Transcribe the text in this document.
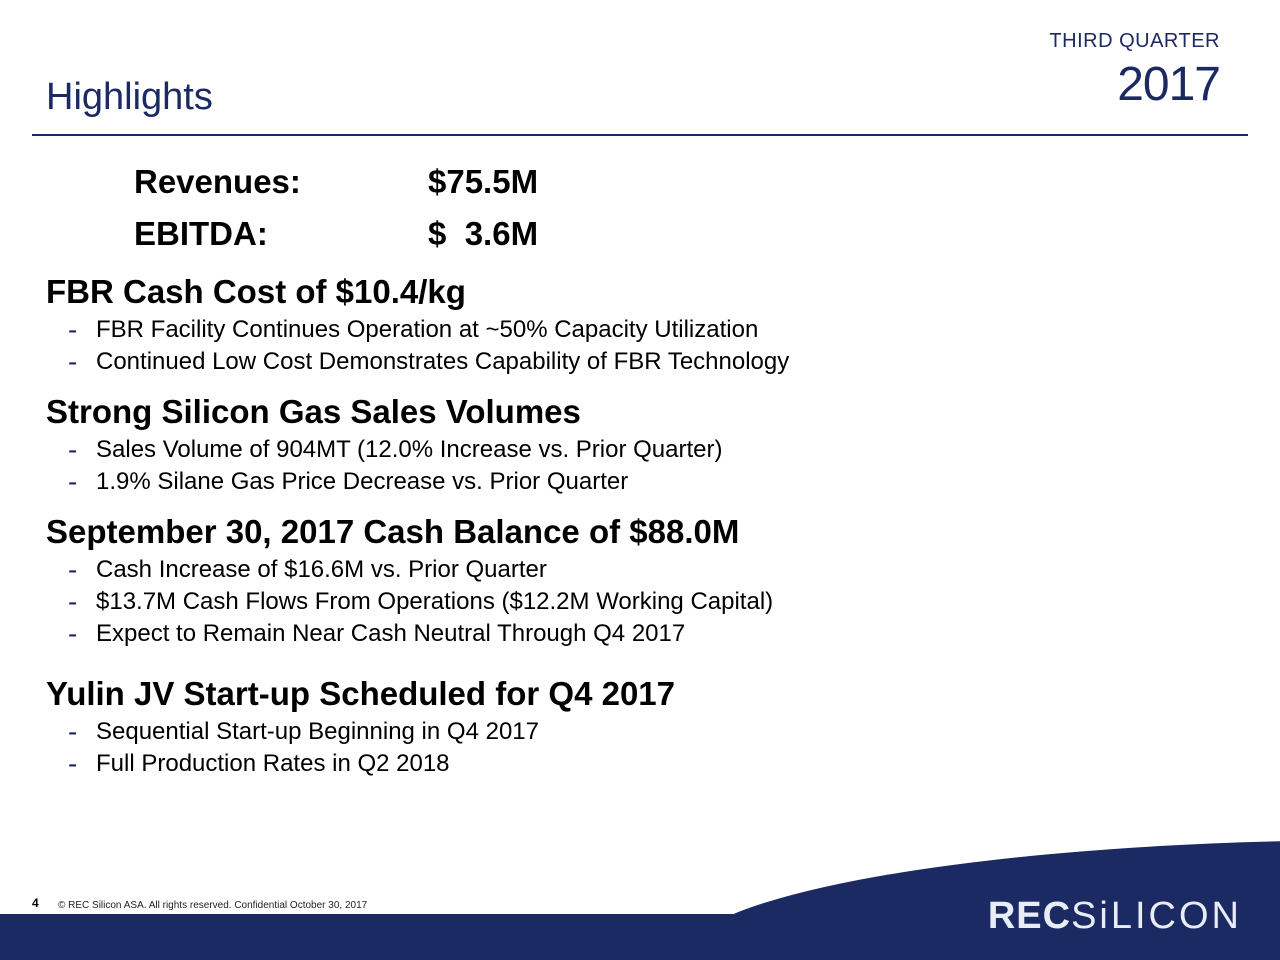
THIRD QUARTER
2017
Highlights
Revenues:	$75.5M
EBITDA:	$  3.6M
FBR Cash Cost of $10.4/kg
- FBR Facility Continues Operation at ~50% Capacity Utilization
- Continued Low Cost Demonstrates Capability of FBR Technology
Strong Silicon Gas Sales Volumes
- Sales Volume of 904MT (12.0% Increase vs. Prior Quarter)
- 1.9% Silane Gas Price Decrease vs. Prior Quarter
September 30, 2017 Cash Balance of $88.0M
- Cash Increase of $16.6M vs. Prior Quarter
- $13.7M Cash Flows From Operations ($12.2M Working Capital)
- Expect to Remain Near Cash Neutral Through Q4 2017
Yulin JV Start-up Scheduled for Q4 2017
- Sequential Start-up Beginning in Q4 2017
- Full Production Rates in Q2 2018
4 © REC Silicon ASA. All rights reserved. Confidential October 30, 2017	RECSiLICON
